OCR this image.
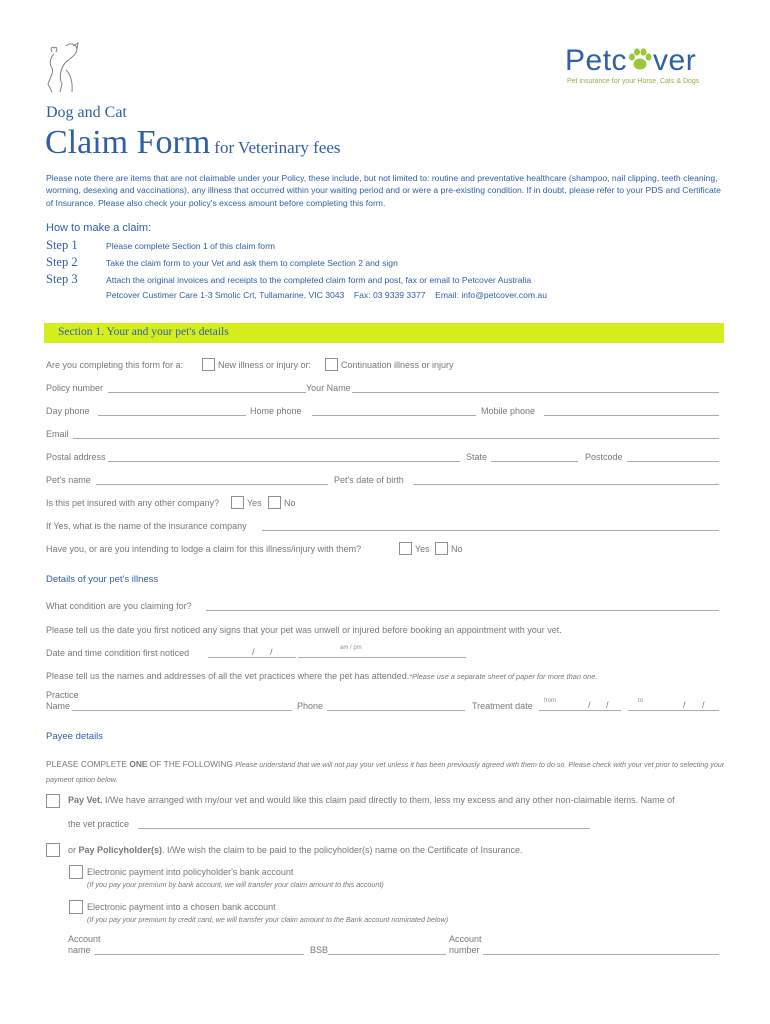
Petc ver
Pet insurance for your Horse, Cats & Dogs
Dog and Cat
Claim Form for Veterinary fees
Please note there are items that are not claimable under your Policy, these include, but not limited to: routine and preventative healthcare (shampoo, nail clipping, teeth cleaning, worming, desexing and vaccinations), any illness that occurred within your waiting period and or were a pre-existing condition. If in doubt, please refer to your PDS and Certificate of Insurance. Please also check your policy's excess amount before completing this form.
How to make a claim:
Step 1	Please complete Section 1 of this claim form
Step 2	Take the claim form to your Vet and ask them to complete Section 2 and sign
Step 3	Attach the original invoices and receipts to the completed claim form and post, fax or email to Petcover Australia
Petcover Custimer Care 1-3 Smolic Crt, Tullamarine, VIC 3043    Fax: 03 9339 3377    Email: info@petcover.com.au
Section 1. Your and your pet's details
Are you completing this form for a:	New illness or injury or:	Continuation illness or injury
Policy number	Your Name
Day phone	Home phone	Mobile phone
Email
Postal address	State	Postcode
Pet's name	Pet's date of birth
Is this pet insured with any other company?	Yes No
If Yes, what is the name of the insurance company
Have you, or are you intending to lodge a claim for this illness/injury with them?	Yes No
Details of your pet's illness
What condition are you claiming for?
Please tell us the date you first noticed any signs that your pet was unwell or injured before booking an appointment with your vet.
Date and time condition first noticed	/ /	am / pm
Please tell us the names and addresses of all the vet practices where the pet has attended.*Please use a separate sheet of paper for more than one.
Practice
Name	Phone	Treatment date from	/ /	to	/ /
Payee details
PLEASE COMPLETE ONE OF THE FOLLOWING Please understand that we will not pay your vet unless it has been previously agreed with them to do so. Please check with your vet prior to selecting your payment option below.
Pay Vet. I/We have arranged with my/our vet and would like this claim paid directly to them, less my excess and any other non-claimable items. Name of
the vet practice
or Pay Policyholder(s). I/We wish the claim to be paid to the policyholder(s) name on the Certificate of Insurance.
Electronic payment into policyholder's bank account
(If you pay your premium by bank account, we will transfer your claim amount to this account)
Electronic payment into a chosen bank account
(If you pay your premium by credit card, we will transfer your claim amount to the Bank account nominated below)
Account
name	BSB
Account
number
